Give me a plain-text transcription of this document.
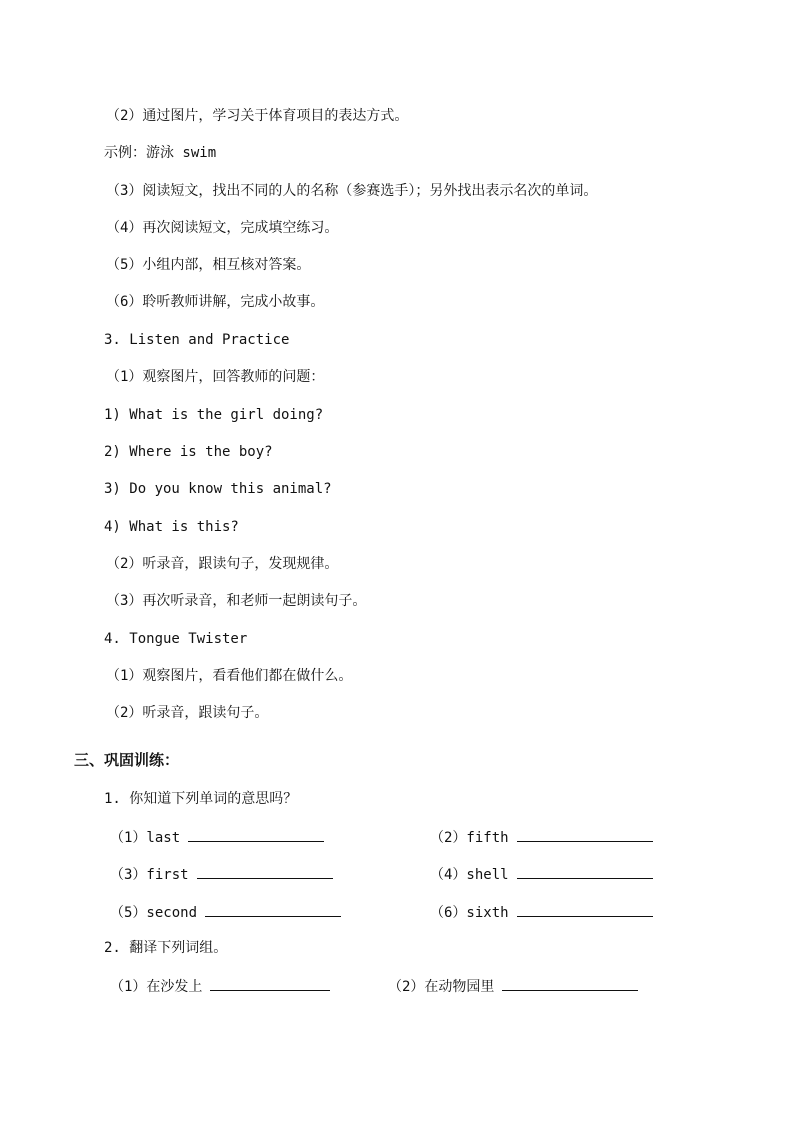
（2）通过图片，学习关于体育项目的表达方式。
示例：游泳 swim
（3）阅读短文，找出不同的人的名称（参赛选手）；另外找出表示名次的单词。
（4）再次阅读短文，完成填空练习。
（5）小组内部，相互核对答案。
（6）聆听教师讲解，完成小故事。
3. Listen and Practice
（1）观察图片，回答教师的问题：
1) What is the girl doing?
2) Where is the boy?
3) Do you know this animal?
4) What is this?
（2）听录音，跟读句子，发现规律。
（3）再次听录音，和老师一起朗读句子。
4. Tongue Twister
（1）观察图片，看看他们都在做什么。
（2）听录音，跟读句子。
三、巩固训练：
1. 你知道下列单词的意思吗？
（1）last	（2）fifth
（3）first	（4）shell
（5）second	（6）sixth
2. 翻译下列词组。
（1）在沙发上	（2）在动物园里
